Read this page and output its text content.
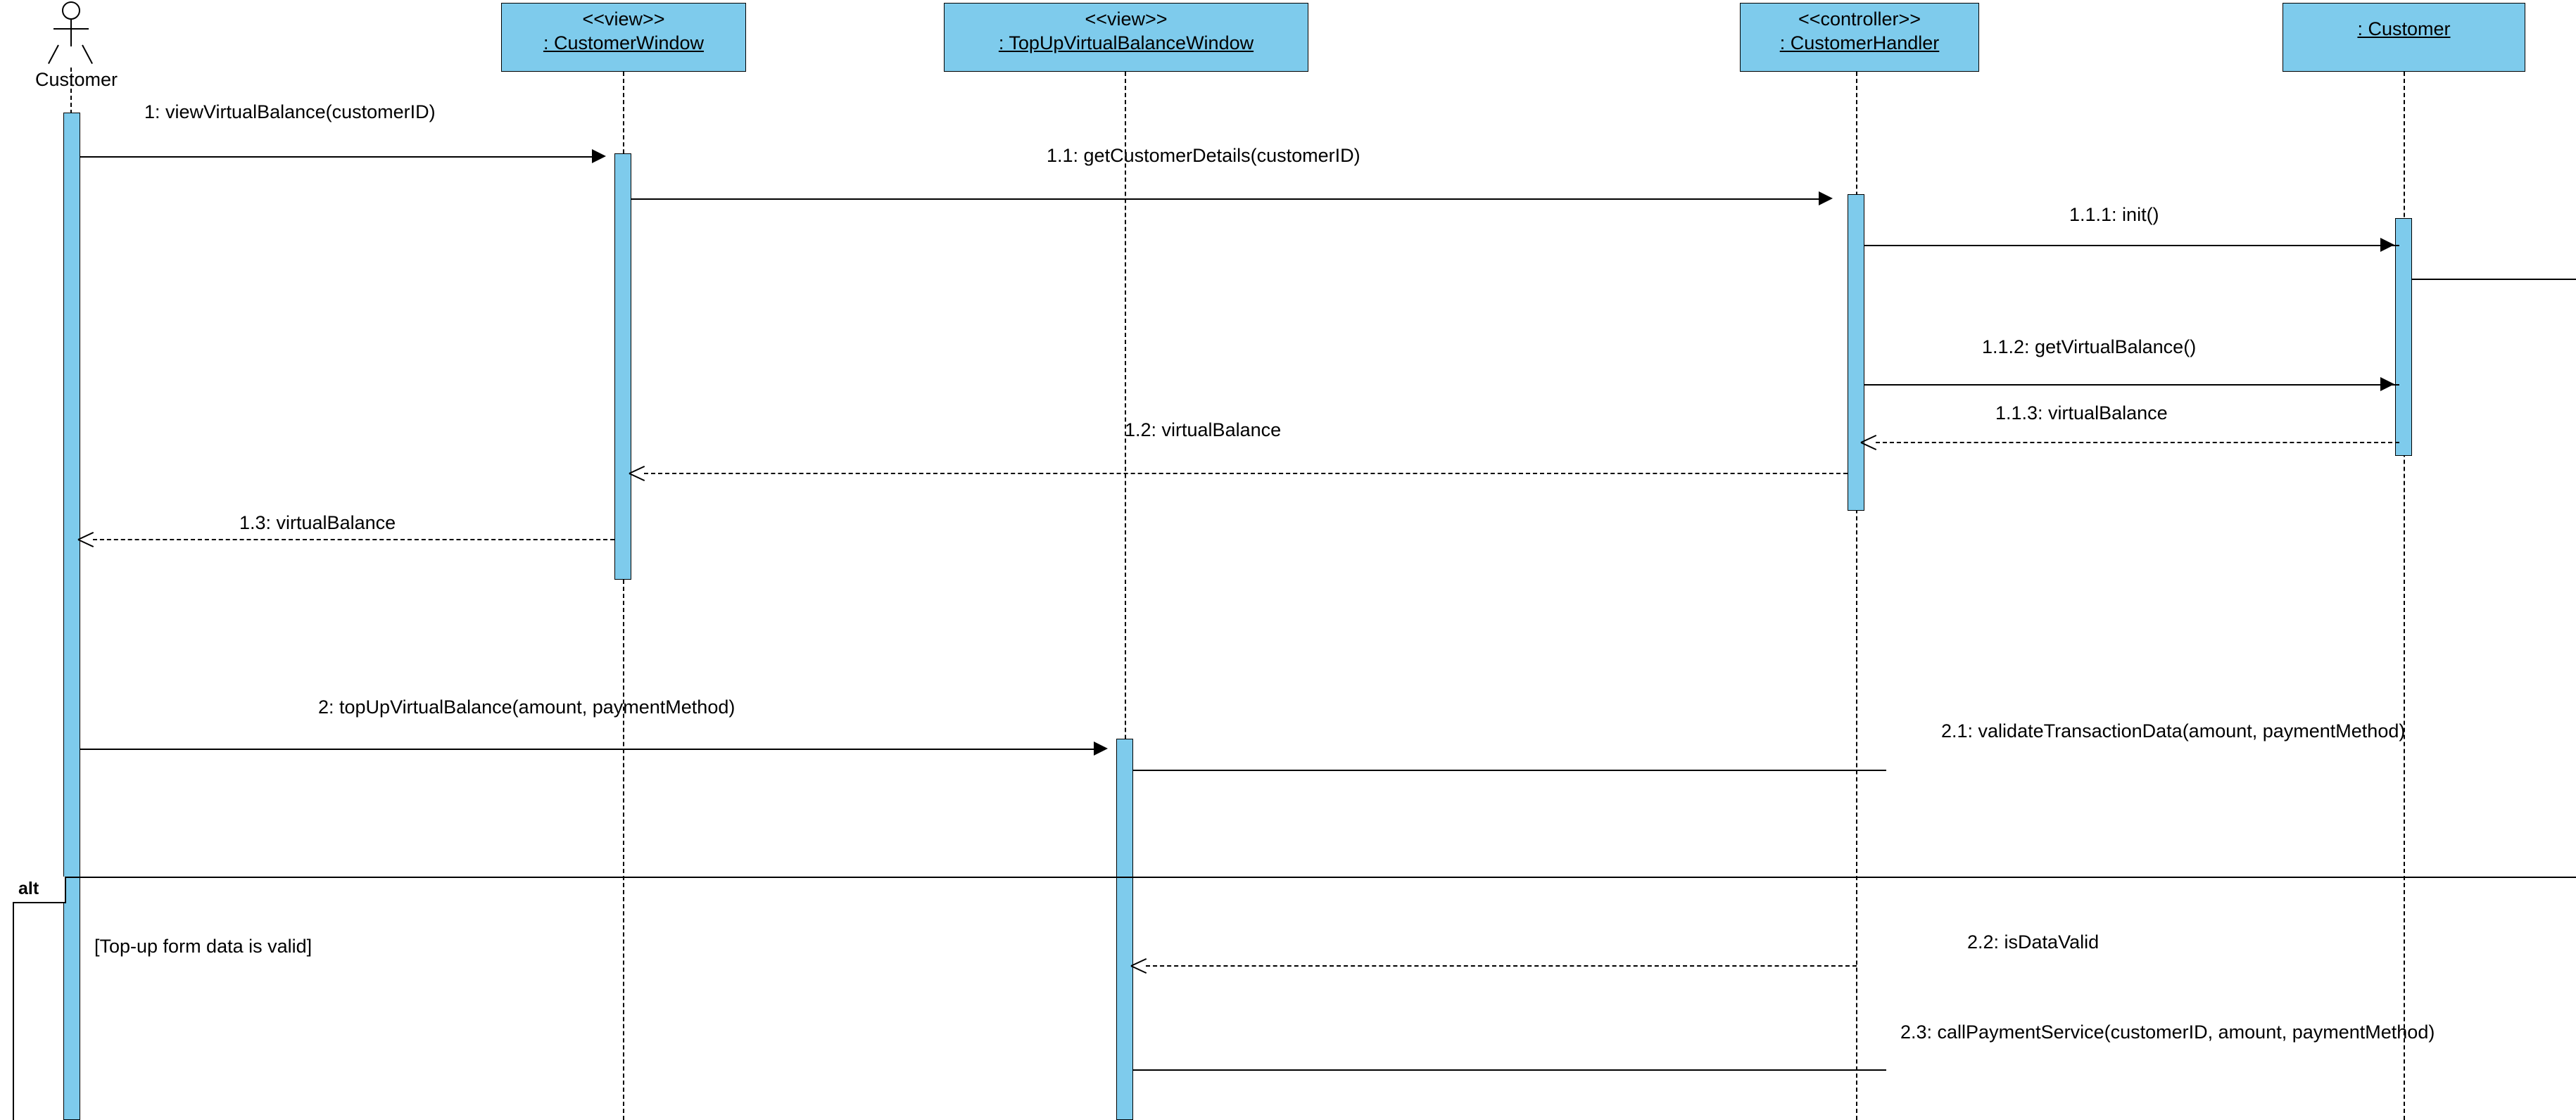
Customer
<<view>>
: CustomerWindow
<<view>>
: TopUpVirtualBalanceWindow
<<controller>>
: CustomerHandler
: Customer
1: viewVirtualBalance(customerID)
1.1: getCustomerDetails(customerID)
1.1.1: init()
1.1.2: getVirtualBalance()
1.1.3: virtualBalance
1.2: virtualBalance
1.3: virtualBalance
2: topUpVirtualBalance(amount, paymentMethod)
2.1: validateTransactionData(amount, paymentMethod)
alt
[Top-up form data is valid]	2.2: isDataValid
2.3: callPaymentService(customerID, amount, paymentMethod)
